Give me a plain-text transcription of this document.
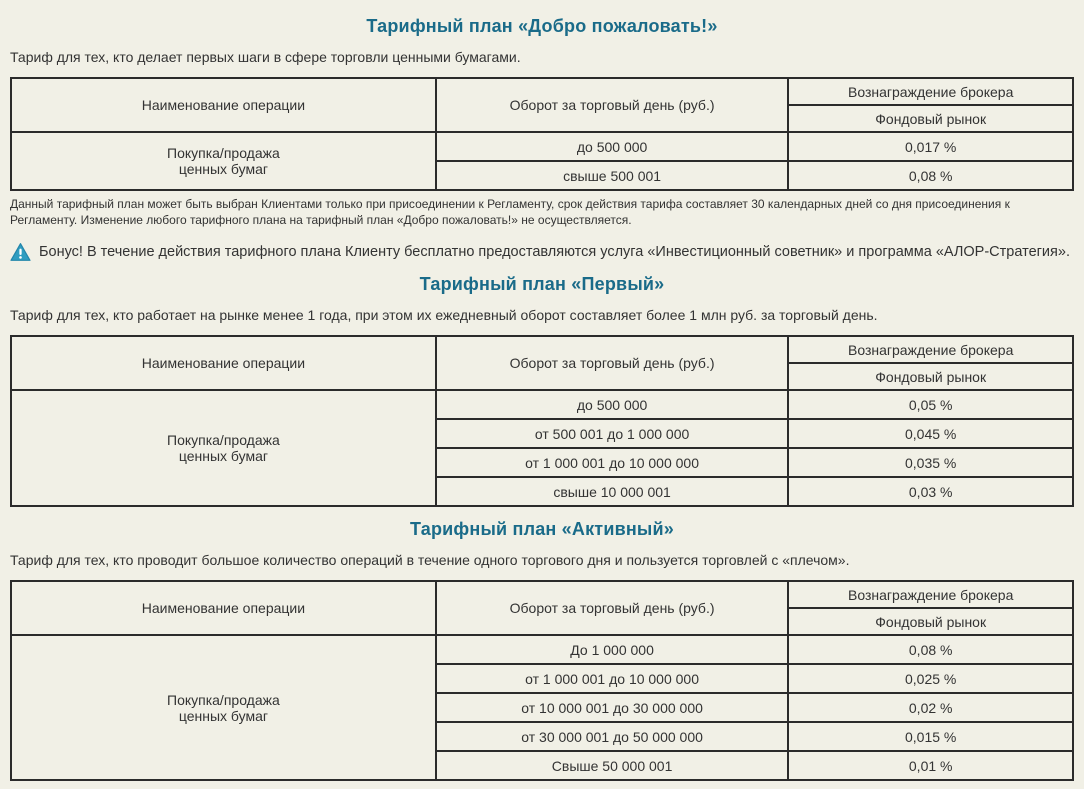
Тарифный план «Добро пожаловать!»

Тариф для тех, кто делает первых шаги в сфере торговли ценными бумагами.

Наименование операции	Оборот за торговый день (руб.)	Вознаграждение брокера
		Фондовый рынок

Покупка/продажа
ценных бумаг	до 500 000	0,017 %
	свыше 500 001	0,08 %

Данный тарифный план может быть выбран Клиентами только при присоединении к Регламенту, срок действия тарифа составляет 30 календарных дней со дня присоединения к Регламенту. Изменение любого тарифного плана на тарифный план «Добро пожаловать!» не осуществляется.

Бонус! В течение действия тарифного плана Клиенту бесплатно предоставляются услуга «Инвестиционный советник» и программа «АЛОР-Стратегия».
Тарифный план «Первый»

Тариф для тех, кто работает на рынке менее 1 года, при этом их ежедневный оборот составляет более 1 млн руб. за торговый день.

Наименование операции	Оборот за торговый день (руб.)	Вознаграждение брокера
		Фондовый рынок

Покупка/продажа
ценных бумаг	до 500 000	0,05 %
	от 500 001 до 1 000 000	0,045 %
	от 1 000 001 до 10 000 000	0,035 %
	свыше 10 000 001	0,03 %
Тарифный план «Активный»

Тариф для тех, кто проводит большое количество операций в течение одного торгового дня и пользуется торговлей с «плечом».

Наименование операции	Оборот за торговый день (руб.)	Вознаграждение брокера
		Фондовый рынок

Покупка/продажа
ценных бумаг	До 1 000 000	0,08 %
	от 1 000 001 до 10 000 000	0,025 %
	от 10 000 001 до 30 000 000	0,02 %
	от 30 000 001 до 50 000 000	0,015 %
	Свыше 50 000 001	0,01 %
